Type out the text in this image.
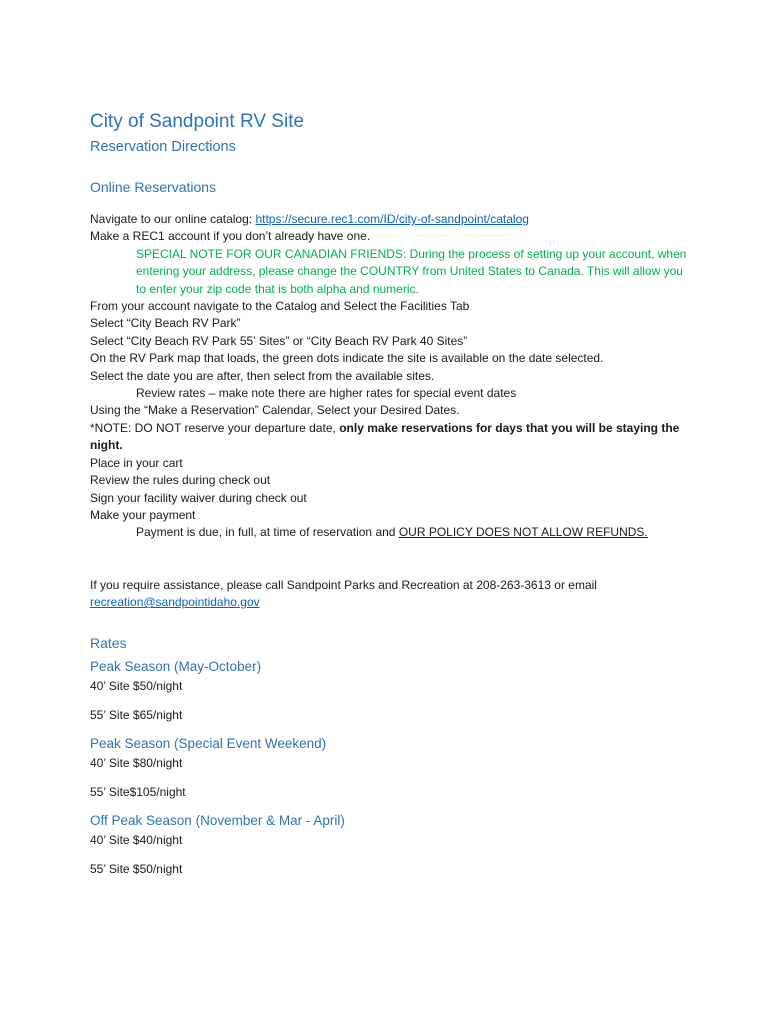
City of Sandpoint RV Site
Reservation Directions
Online Reservations

Navigate to our online catalog: https://secure.rec1.com/ID/city-of-sandpoint/catalog

Make a REC1 account if you don’t already have one.

SPECIAL NOTE FOR OUR CANADIAN FRIENDS: During the process of setting up your account, when entering your address, please change the COUNTRY from United States to Canada. This will allow you to enter your zip code that is both alpha and numeric.

From your account navigate to the Catalog and Select the Facilities Tab

Select “City Beach RV Park”

Select “City Beach RV Park 55’ Sites” or “City Beach RV Park 40 Sites”

On the RV Park map that loads, the green dots indicate the site is available on the date selected.

Select the date you are after, then select from the available sites.

Review rates – make note there are higher rates for special event dates

Using the “Make a Reservation” Calendar, Select your Desired Dates.

*NOTE: DO NOT reserve your departure date, only make reservations for days that you will be staying the night.

Place in your cart

Review the rules during check out

Sign your facility waiver during check out

Make your payment

Payment is due, in full, at time of reservation and OUR POLICY DOES NOT ALLOW REFUNDS.

If you require assistance, please call Sandpoint Parks and Recreation at 208-263-3613 or email

recreation@sandpointidaho.gov

Rates
Peak Season (May-October)

40’ Site $50/night

55’ Site $65/night

Peak Season (Special Event Weekend)

40’ Site $80/night

55’ Site$105/night

Off Peak Season (November & Mar - April)

40’ Site $40/night

55’ Site $50/night
